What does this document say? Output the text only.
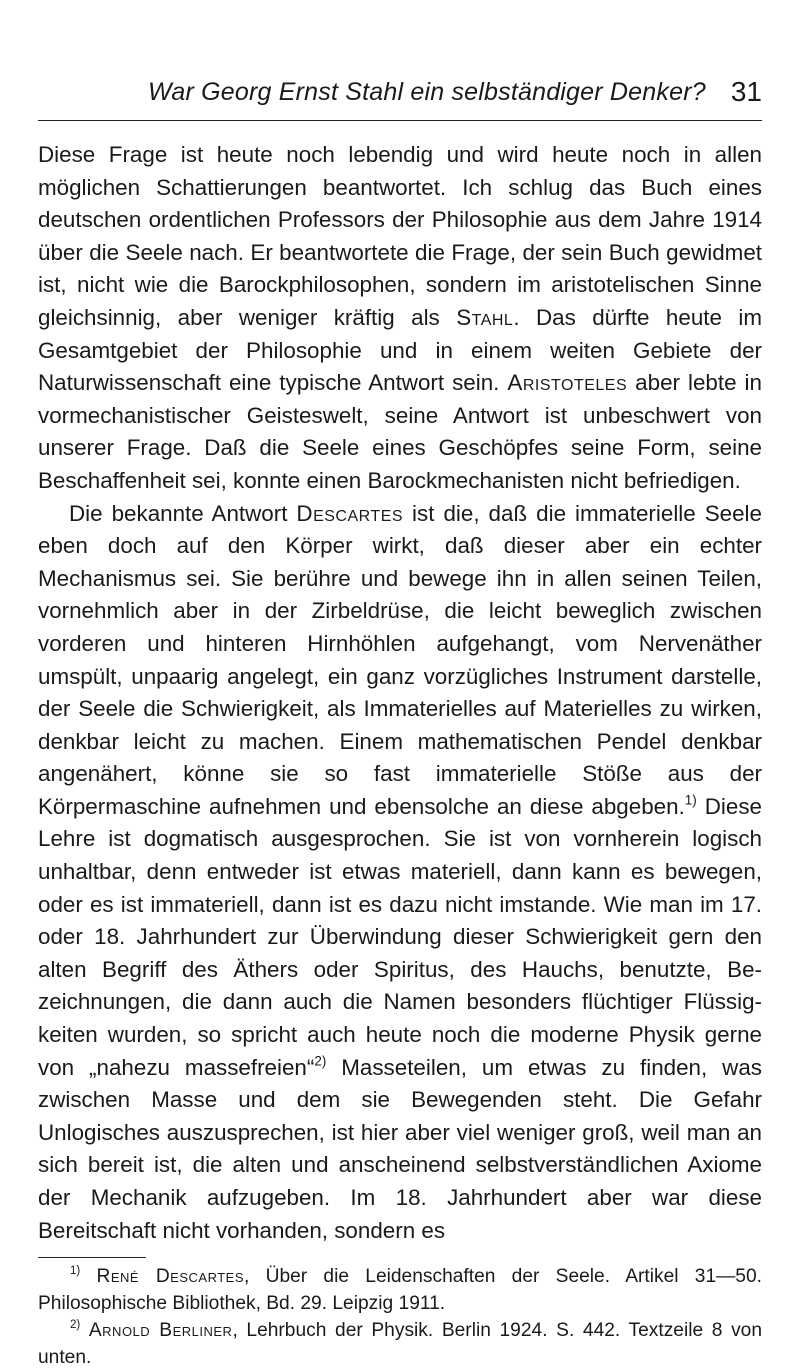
War Georg Ernst Stahl ein selbständiger Denker? 31

Diese Frage ist heute noch lebendig und wird heute noch in allen möglichen Schattierungen beantwortet. Ich schlug das Buch eines deutschen ordentlichen Professors der Philosophie aus dem Jahre 1914 über die Seele nach. Er beantwortete die Frage, der sein Buch gewidmet ist, nicht wie die Barockphilosophen, sondern im aristotelischen Sinne gleichsinnig, aber weniger kräftig als Stahl. Das dürfte heute im Gesamtgebiet der Philosophie und in einem weiten Gebiete der Naturwissenschaft eine typische Antwort sein. Aristoteles aber lebte in vormechanistischer Geisteswelt, seine Antwort ist unbeschwert von unserer Frage. Daß die Seele eines Geschöpfes seine Form, seine Beschaffenheit sei, konnte einen Barockmechanisten nicht befriedigen.

Die bekannte Antwort Descartes ist die, daß die immaterielle Seele eben doch auf den Körper wirkt, daß dieser aber ein echter Mechanismus sei. Sie berühre und bewege ihn in allen seinen Teilen, vornehmlich aber in der Zirbeldrüse, die leicht beweglich zwischen vorderen und hinteren Hirnhöhlen aufgehangt, vom Nervenäther umspült, unpaarig angelegt, ein ganz vorzügliches Instrument darstelle, der Seele die Schwierigkeit, als Immaterielles auf Materielles zu wirken, denkbar leicht zu machen. Einem mathematischen Pendel denkbar angenähert, könne sie so fast immaterielle Stöße aus der Körpermaschine aufnehmen und ebensolche an diese abgeben.$^{1)}$ Diese Lehre ist dogmatisch ausgesprochen. Sie ist von vornherein logisch unhaltbar, denn entweder ist etwas materiell, dann kann es bewegen, oder es ist immateriell, dann ist es dazu nicht imstande. Wie man im 17. oder 18. Jahrhundert zur Überwindung dieser Schwierigkeit gern den alten Begriff des Äthers oder Spiritus, des Hauchs, benutzte, Bezeichnungen, die dann auch die Namen besonders flüchtiger Flüssigkeiten wurden, so spricht auch heute noch die moderne Physik gerne von „nahezu massefreien“$^{2)}$ Masseteilen, um etwas zu finden, was zwischen Masse und dem sie Bewegenden steht. Die Gefahr Unlogisches auszusprechen, ist hier aber viel weniger groß, weil man an sich bereit ist, die alten und anscheinend selbstverständlichen Axiome der Mechanik aufzugeben. Im 18. Jahrhundert aber war diese Bereitschaft nicht vorhanden, sondern es

$^{1)}$ René Descartes, Über die Leidenschaften der Seele. Artikel 31—50. Philosophische Bibliothek, Bd. 29. Leipzig 1911.

$^{2)}$ Arnold Berliner, Lehrbuch der Physik. Berlin 1924. S. 442. Textzeile 8 von unten.
